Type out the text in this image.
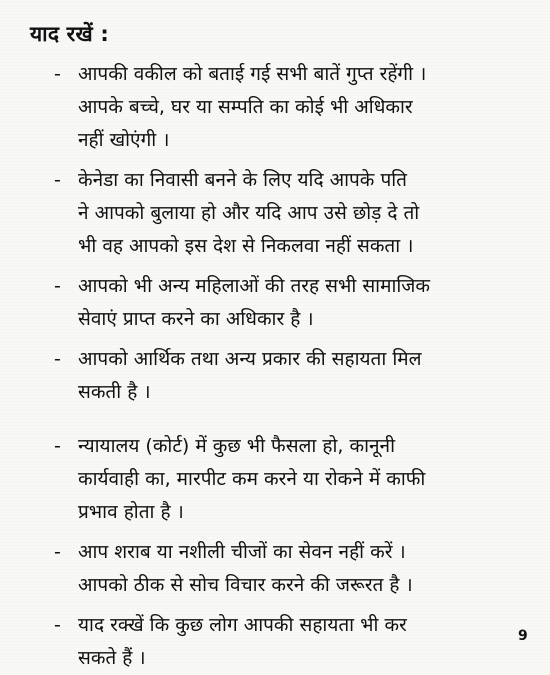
याद रखें :
- आपकी वकील को बताई गई सभी बातें गुप्त रहेंगी ।
आपके बच्चे, घर या सम्पति का कोई भी अधिकार
नहीं खोएंगी ।
- केनेडा का निवासी बनने के लिए यदि आपके पति
ने आपको बुलाया हो और यदि आप उसे छोड़ दे तो
भी वह आपको इस देश से निकलवा नहीं सकता ।
- आपको भी अन्य महिलाओं की तरह सभी सामाजिक
सेवाएं प्राप्त करने का अधिकार है ।
- आपको आर्थिक तथा अन्य प्रकार की सहायता मिल
सकती है ।
- न्यायालय (कोर्ट) में कुछ भी फैसला हो, कानूनी
कार्यवाही का, मारपीट कम करने या रोकने में काफी
प्रभाव होता है ।
- आप शराब या नशीली चीजों का सेवन नहीं करें ।
आपको ठीक से सोच विचार करने की जरूरत है ।
- याद रक्खें कि कुछ लोग आपकी सहायता भी कर
सकते हैं ।
9
